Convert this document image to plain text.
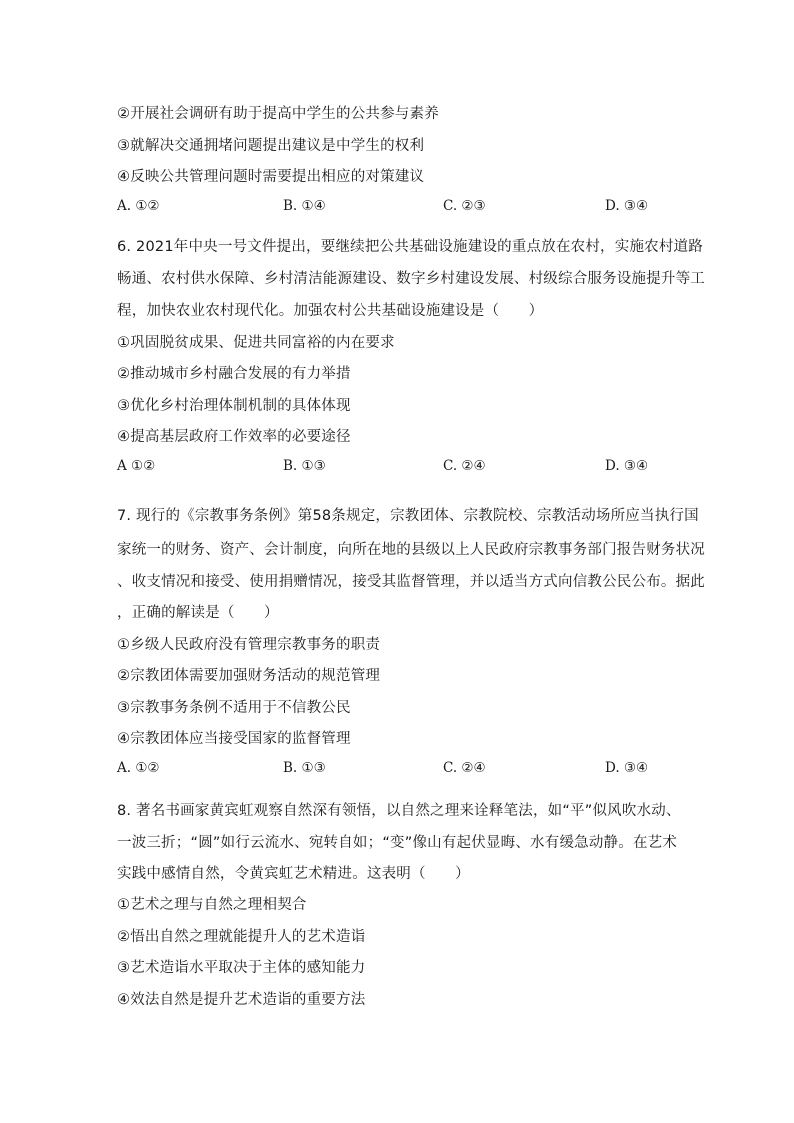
②开展社会调研有助于提高中学生的公共参与素养
③就解决交通拥堵问题提出建议是中学生的权利
④反映公共管理问题时需要提出相应的对策建议
A. ①②	B. ①④	C. ②③	D. ③④
6. 2021年中央一号文件提出，要继续把公共基础设施建设的重点放在农村，实施农村道路
畅通、农村供水保障、乡村清洁能源建设、数字乡村建设发展、村级综合服务设施提升等工
程，加快农业农村现代化。加强农村公共基础设施建设是（　　）
①巩固脱贫成果、促进共同富裕的内在要求
②推动城市乡村融合发展的有力举措
③优化乡村治理体制机制的具体体现
④提高基层政府工作效率的必要途径
A ①②	B. ①③	C. ②④	D. ③④
7. 现行的《宗教事务条例》第58条规定，宗教团体、宗教院校、宗教活动场所应当执行国
家统一的财务、资产、会计制度，向所在地的县级以上人民政府宗教事务部门报告财务状况
、收支情况和接受、使用捐赠情况，接受其监督管理，并以适当方式向信教公民公布。据此
，正确的解读是（　　）
①乡级人民政府没有管理宗教事务的职责
②宗教团体需要加强财务活动的规范管理
③宗教事务条例不适用于不信教公民
④宗教团体应当接受国家的监督管理
A. ①②	B. ①③	C. ②④	D. ③④
8. 著名书画家黄宾虹观察自然深有领悟，以自然之理来诠释笔法，如“平”似风吹水动、
一波三折；“圆”如行云流水、宛转自如；“变”像山有起伏显晦、水有缓急动静。在艺术
实践中感情自然，令黄宾虹艺术精进。这表明（　　）
①艺术之理与自然之理相契合
②悟出自然之理就能提升人的艺术造诣
③艺术造诣水平取决于主体的感知能力
④效法自然是提升艺术造诣的重要方法
